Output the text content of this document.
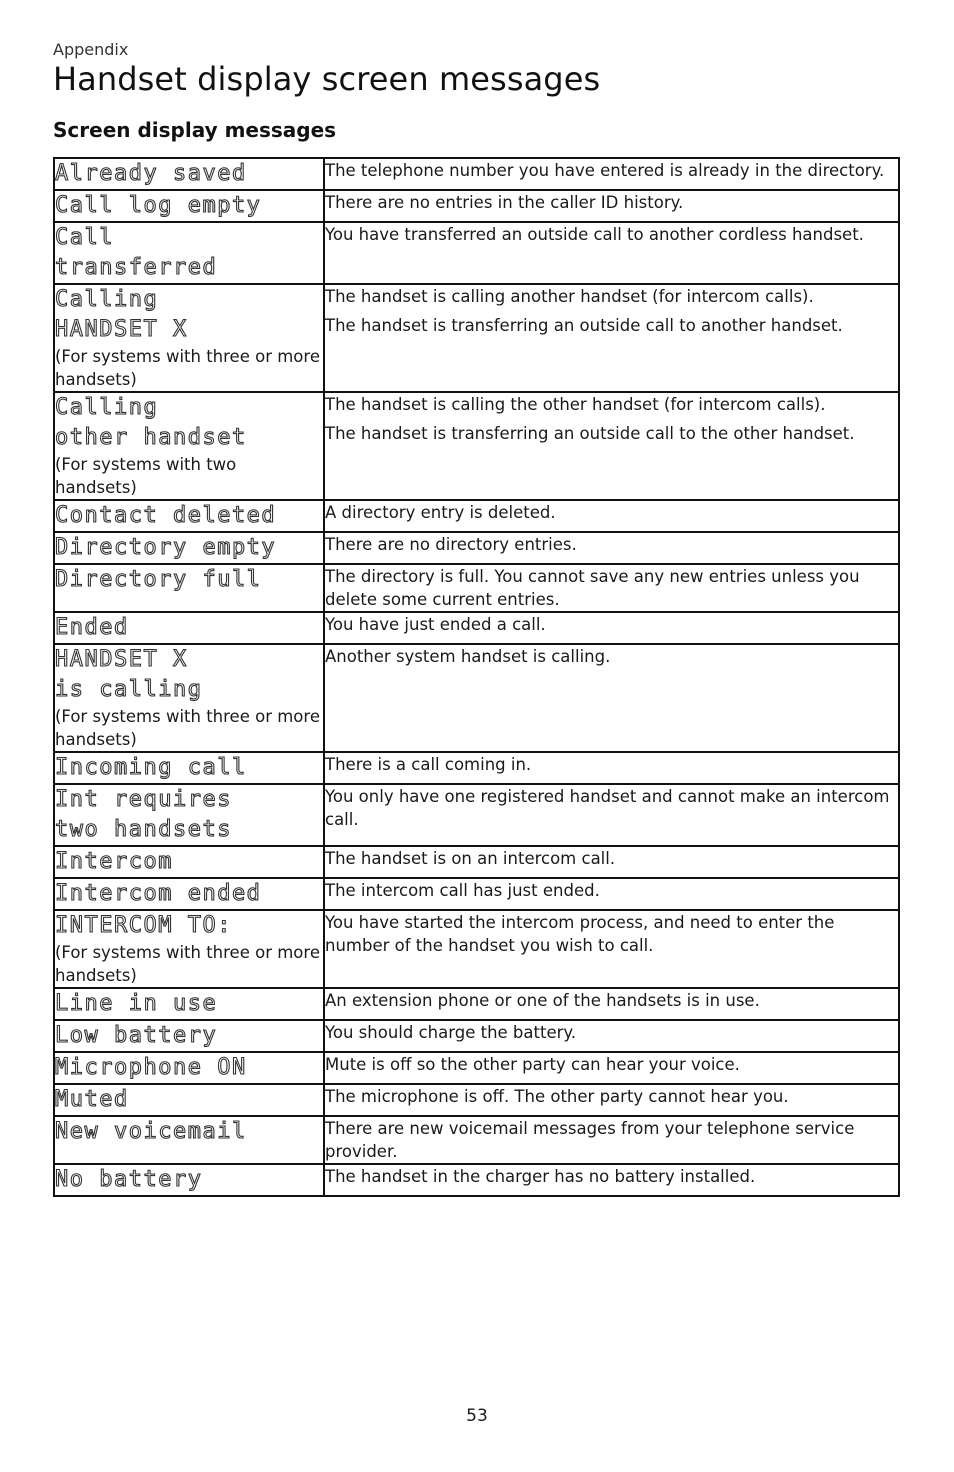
Appendix
Handset display screen messages
Screen display messages
Already saved	The telephone number you have entered is already in the directory.

Call log empty	There are no entries in the caller ID history.

Call
transferred	You have transferred an outside call to another cordless handset.

Calling
HANDSET X
(For systems with three or more handsets)	The handset is calling another handset (for intercom calls).
The handset is transferring an outside call to another handset.

Calling
other handset
(For systems with two handsets)	The handset is calling the other handset (for intercom calls).
The handset is transferring an outside call to the other handset.

Contact deleted	A directory entry is deleted.

Directory empty	There are no directory entries.

Directory full	The directory is full. You cannot save any new entries unless you delete some current entries.

Ended	You have just ended a call.

HANDSET X
is calling
(For systems with three or more handsets)	Another system handset is calling.

Incoming call	There is a call coming in.

Int requires
two handsets	You only have one registered handset and cannot make an intercom call.

Intercom	The handset is on an intercom call.

Intercom ended	The intercom call has just ended.

INTERCOM TO:
(For systems with three or more handsets)	You have started the intercom process, and need to enter the number of the handset you wish to call.

Line in use	An extension phone or one of the handsets is in use.

Low battery	You should charge the battery.

Microphone ON	Mute is off so the other party can hear your voice.

Muted	The microphone is off. The other party cannot hear you.

New voicemail	There are new voicemail messages from your telephone service provider.

No battery	The handset in the charger has no battery installed.
53
